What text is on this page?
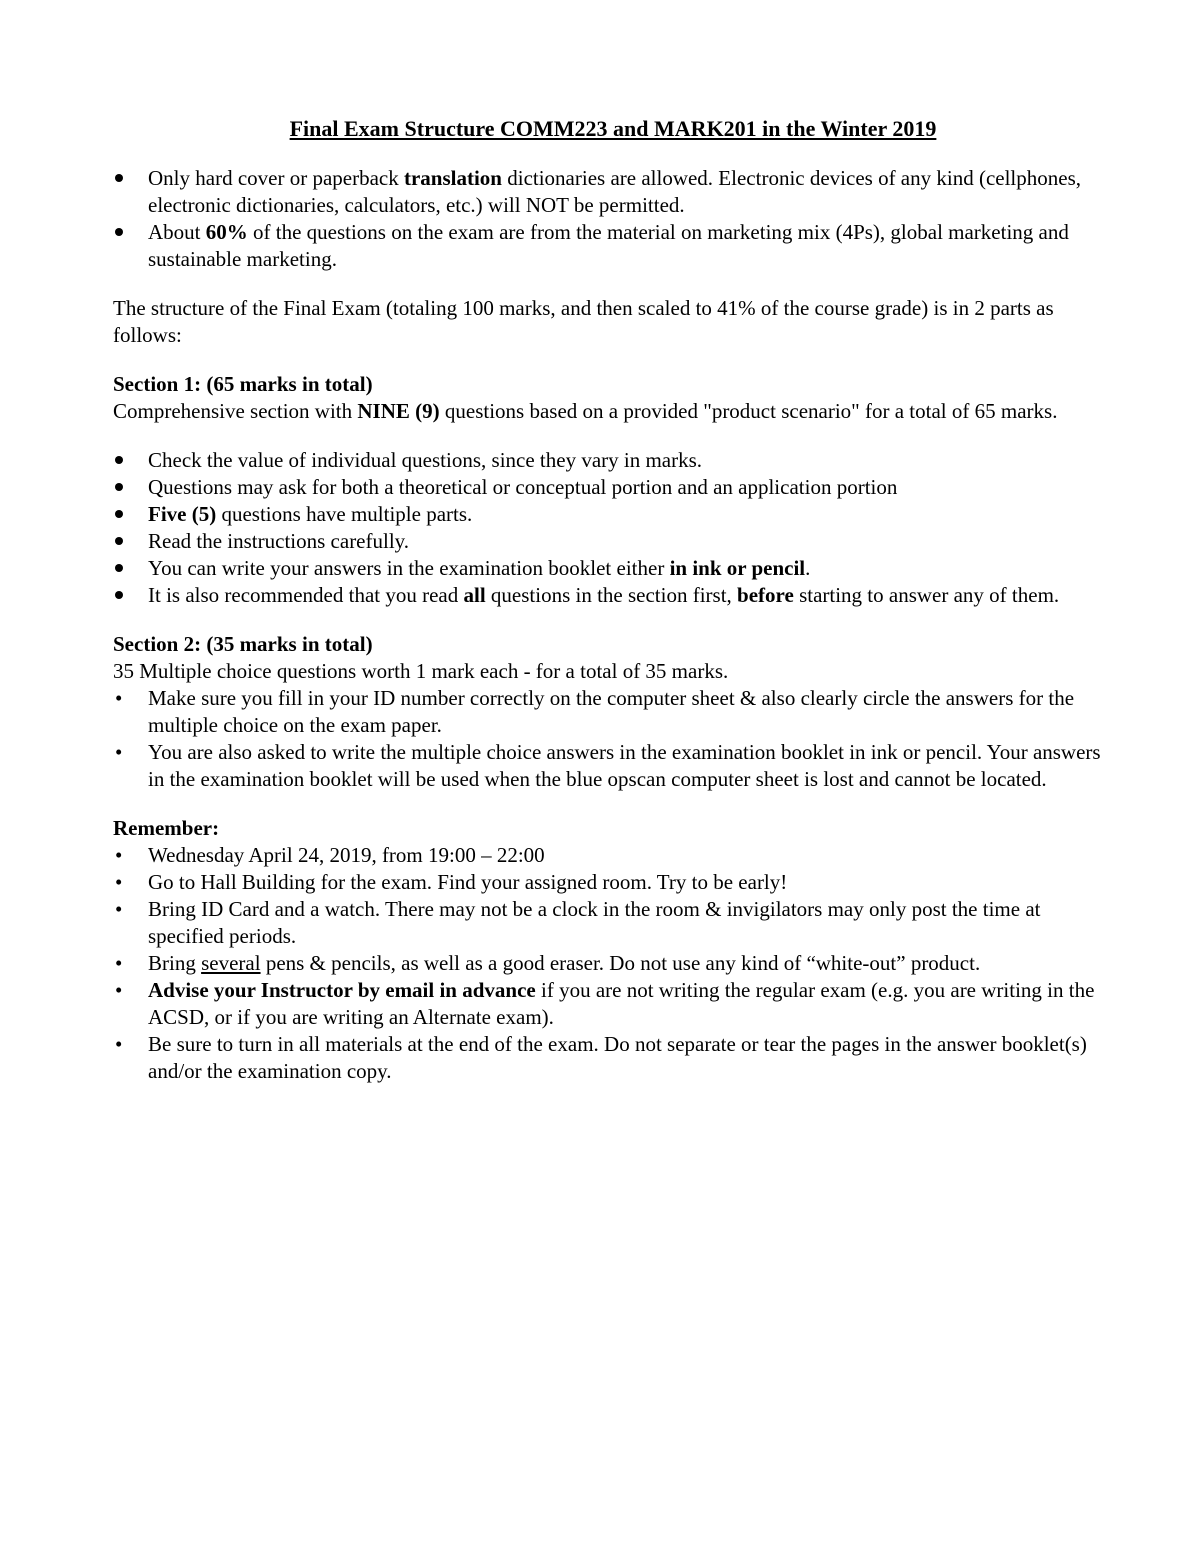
Final Exam Structure COMM223 and MARK201 in the Winter 2019
Only hard cover or paperback translation dictionaries are allowed. Electronic devices of any kind (cellphones, electronic dictionaries, calculators, etc.) will NOT be permitted.
About 60% of the questions on the exam are from the material on marketing mix (4Ps), global marketing and sustainable marketing.

The structure of the Final Exam (totaling 100 marks, and then scaled to 41% of the course grade) is in 2 parts as follows:

Section 1: (65 marks in total)

Comprehensive section with NINE (9) questions based on a provided "product scenario" for a total of 65 marks.

Check the value of individual questions, since they vary in marks.
Questions may ask for both a theoretical or conceptual portion and an application portion
Five (5) questions have multiple parts.
Read the instructions carefully.
You can write your answers in the examination booklet either in ink or pencil.
It is also recommended that you read all questions in the section first, before starting to answer any of them.

Section 2: (35 marks in total)

35 Multiple choice questions worth 1 mark each - for a total of 35 marks.

• Make sure you fill in your ID number correctly on the computer sheet & also clearly circle the answers for the multiple choice on the exam paper.
• You are also asked to write the multiple choice answers in the examination booklet in ink or pencil. Your answers in the examination booklet will be used when the blue opscan computer sheet is lost and cannot be located.

Remember:

• Wednesday April 24, 2019, from 19:00 – 22:00
• Go to Hall Building for the exam. Find your assigned room. Try to be early!
• Bring ID Card and a watch. There may not be a clock in the room & invigilators may only post the time at specified periods.
• Bring several pens & pencils, as well as a good eraser. Do not use any kind of “white-out” product.
• Advise your Instructor by email in advance if you are not writing the regular exam (e.g. you are writing in the ACSD, or if you are writing an Alternate exam).
• Be sure to turn in all materials at the end of the exam. Do not separate or tear the pages in the answer booklet(s) and/or the examination copy.
